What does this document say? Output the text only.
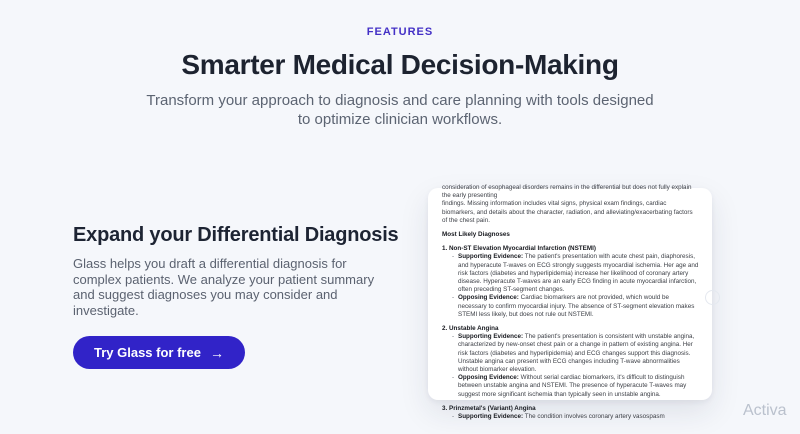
FEATURES
Smarter Medical Decision-Making

Transform your approach to diagnosis and care planning with tools designed to optimize clinician workflows.

Expand your Differential Diagnosis

Glass helps you draft a differential diagnosis for complex patients. We analyze your patient summary and suggest diagnoses you may consider and investigate.

Try Glass for free →

consideration of esophageal disorders remains in the differential but does not fully explain the early presenting

findings. Missing information includes vital signs, physical exam findings, cardiac biomarkers, and details about the character, radiation, and alleviating/exacerbating factors of the chest pain.

Most Likely Diagnoses

1. Non-ST Elevation Myocardial Infarction (NSTEMI)

- Supporting Evidence: The patient's presentation with acute chest pain, diaphoresis, and hyperacute T-waves on ECG strongly suggests myocardial ischemia. Her age and risk factors (diabetes and hyperlipidemia) increase her likelihood of coronary artery disease. Hyperacute T-waves are an early ECG finding in acute myocardial infarction, often preceding ST-segment changes.
- Opposing Evidence: Cardiac biomarkers are not provided, which would be necessary to confirm myocardial injury. The absence of ST-segment elevation makes STEMI less likely, but does not rule out NSTEMI.

2. Unstable Angina

- Supporting Evidence: The patient's presentation is consistent with unstable angina, characterized by new-onset chest pain or a change in pattern of existing angina. Her risk factors (diabetes and hyperlipidemia) and ECG changes support this diagnosis. Unstable angina can present with ECG changes including T-wave abnormalities without biomarker elevation.
- Opposing Evidence: Without serial cardiac biomarkers, it's difficult to distinguish between unstable angina and NSTEMI. The presence of hyperacute T-waves may suggest more significant ischemia than typically seen in unstable angina.

3. Prinzmetal's (Variant) Angina

- Supporting Evidence: The condition involves coronary artery vasospasm	Activa
